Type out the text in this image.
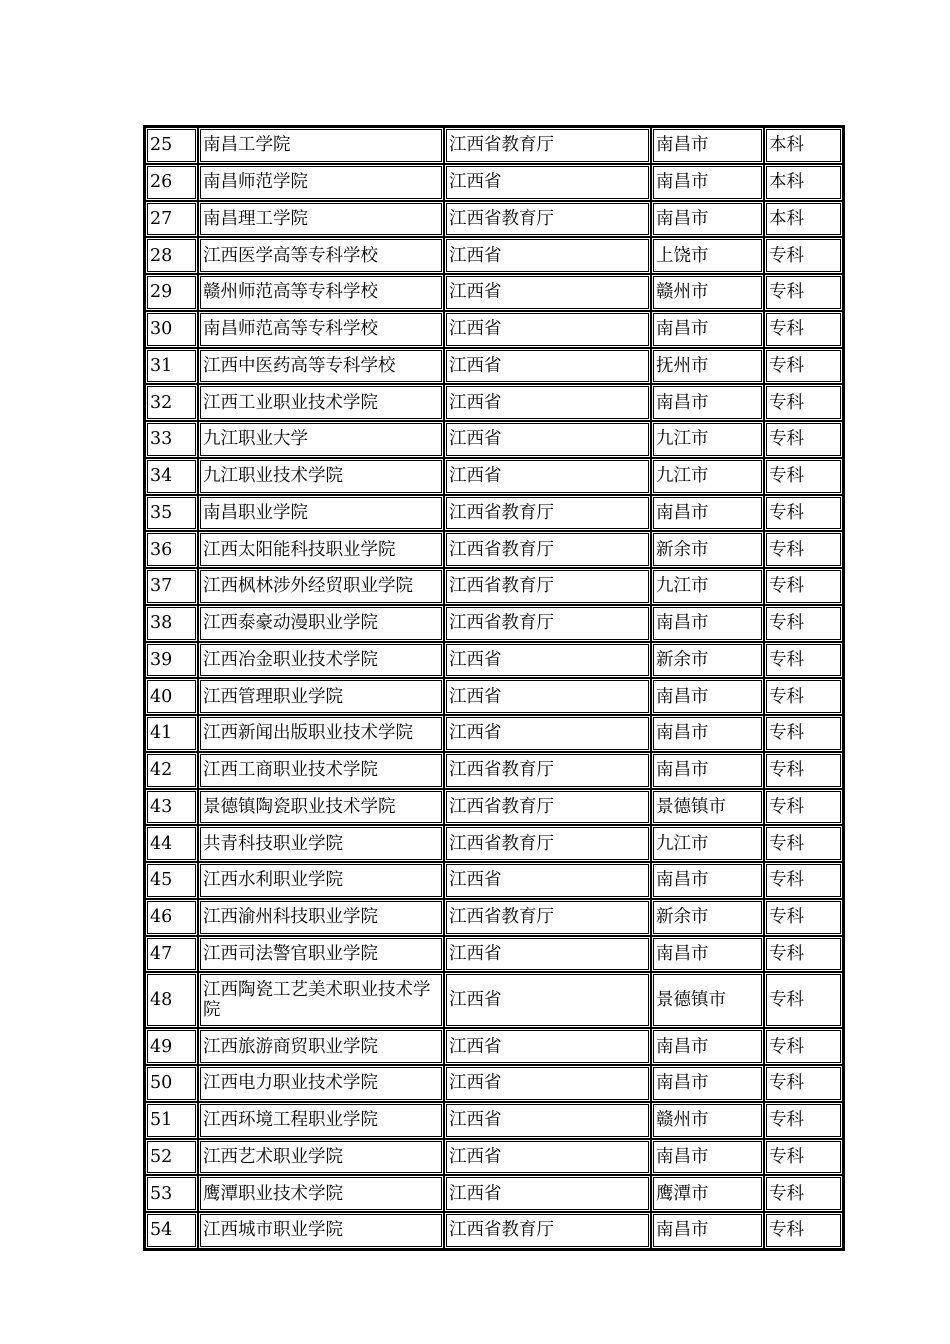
25	南昌工学院	江西省教育厅	南昌市	本科
26	南昌师范学院	江西省	南昌市	本科
27	南昌理工学院	江西省教育厅	南昌市	本科
28	江西医学高等专科学校	江西省	上饶市	专科
29	赣州师范高等专科学校	江西省	赣州市	专科
30	南昌师范高等专科学校	江西省	南昌市	专科
31	江西中医药高等专科学校	江西省	抚州市	专科
32	江西工业职业技术学院	江西省	南昌市	专科
33	九江职业大学	江西省	九江市	专科
34	九江职业技术学院	江西省	九江市	专科
35	南昌职业学院	江西省教育厅	南昌市	专科
36	江西太阳能科技职业学院	江西省教育厅	新余市	专科
37	江西枫林涉外经贸职业学院	江西省教育厅	九江市	专科
38	江西泰豪动漫职业学院	江西省教育厅	南昌市	专科
39	江西冶金职业技术学院	江西省	新余市	专科
40	江西管理职业学院	江西省	南昌市	专科
41	江西新闻出版职业技术学院	江西省	南昌市	专科
42	江西工商职业技术学院	江西省教育厅	南昌市	专科
43	景德镇陶瓷职业技术学院	江西省教育厅	景德镇市	专科
44	共青科技职业学院	江西省教育厅	九江市	专科
45	江西水利职业学院	江西省	南昌市	专科
46	江西渝州科技职业学院	江西省教育厅	新余市	专科
47	江西司法警官职业学院	江西省	南昌市	专科
48	江西陶瓷工艺美术职业技术学院	江西省	景德镇市	专科
49	江西旅游商贸职业学院	江西省	南昌市	专科
50	江西电力职业技术学院	江西省	南昌市	专科
51	江西环境工程职业学院	江西省	赣州市	专科
52	江西艺术职业学院	江西省	南昌市	专科
53	鹰潭职业技术学院	江西省	鹰潭市	专科
54	江西城市职业学院	江西省教育厅	南昌市	专科
